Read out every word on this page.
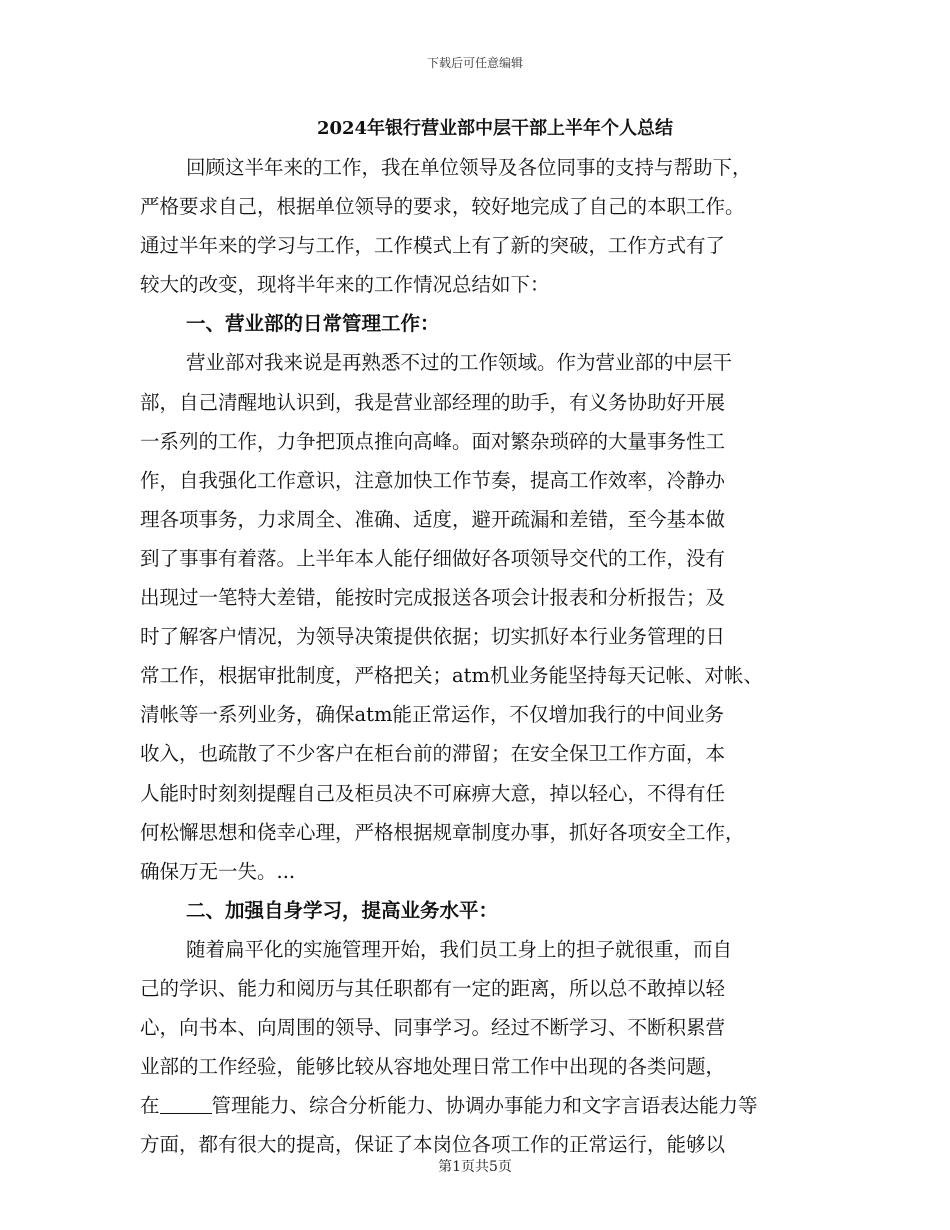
下载后可任意编辑
2024年银行营业部中层干部上半年个人总结
回顾这半年来的工作，我在单位领导及各位同事的支持与帮助下，
严格要求自己，根据单位领导的要求，较好地完成了自己的本职工作。
通过半年来的学习与工作，工作模式上有了新的突破，工作方式有了
较大的改变，现将半年来的工作情况总结如下：
一、营业部的日常管理工作：
营业部对我来说是再熟悉不过的工作领域。作为营业部的中层干
部，自己清醒地认识到，我是营业部经理的助手，有义务协助好开展
一系列的工作，力争把顶点推向高峰。面对繁杂琐碎的大量事务性工
作，自我强化工作意识，注意加快工作节奏，提高工作效率，冷静办
理各项事务，力求周全、准确、适度，避开疏漏和差错，至今基本做
到了事事有着落。上半年本人能仔细做好各项领导交代的工作，没有
出现过一笔特大差错，能按时完成报送各项会计报表和分析报告；及
时了解客户情况，为领导决策提供依据；切实抓好本行业务管理的日
常工作，根据审批制度，严格把关；atm机业务能坚持每天记帐、对帐、
清帐等一系列业务，确保atm能正常运作，不仅增加我行的中间业务
收入，也疏散了不少客户在柜台前的滞留；在安全保卫工作方面，本
人能时时刻刻提醒自己及柜员决不可麻痹大意，掉以轻心，不得有任
何松懈思想和侥幸心理，严格根据规章制度办事，抓好各项安全工作，
确保万无一失。...
二、加强自身学习，提高业务水平：
随着扁平化的实施管理开始，我们员工身上的担子就很重，而自
己的学识、能力和阅历与其任职都有一定的距离，所以总不敢掉以轻
心，向书本、向周围的领导、同事学习。经过不断学习、不断积累营
业部的工作经验，能够比较从容地处理日常工作中出现的各类问题，
在	管理能力、综合分析能力、协调办事能力和文字言语表达能力等
方面，都有很大的提高，保证了本岗位各项工作的正常运行，能够以
第1页共5页
